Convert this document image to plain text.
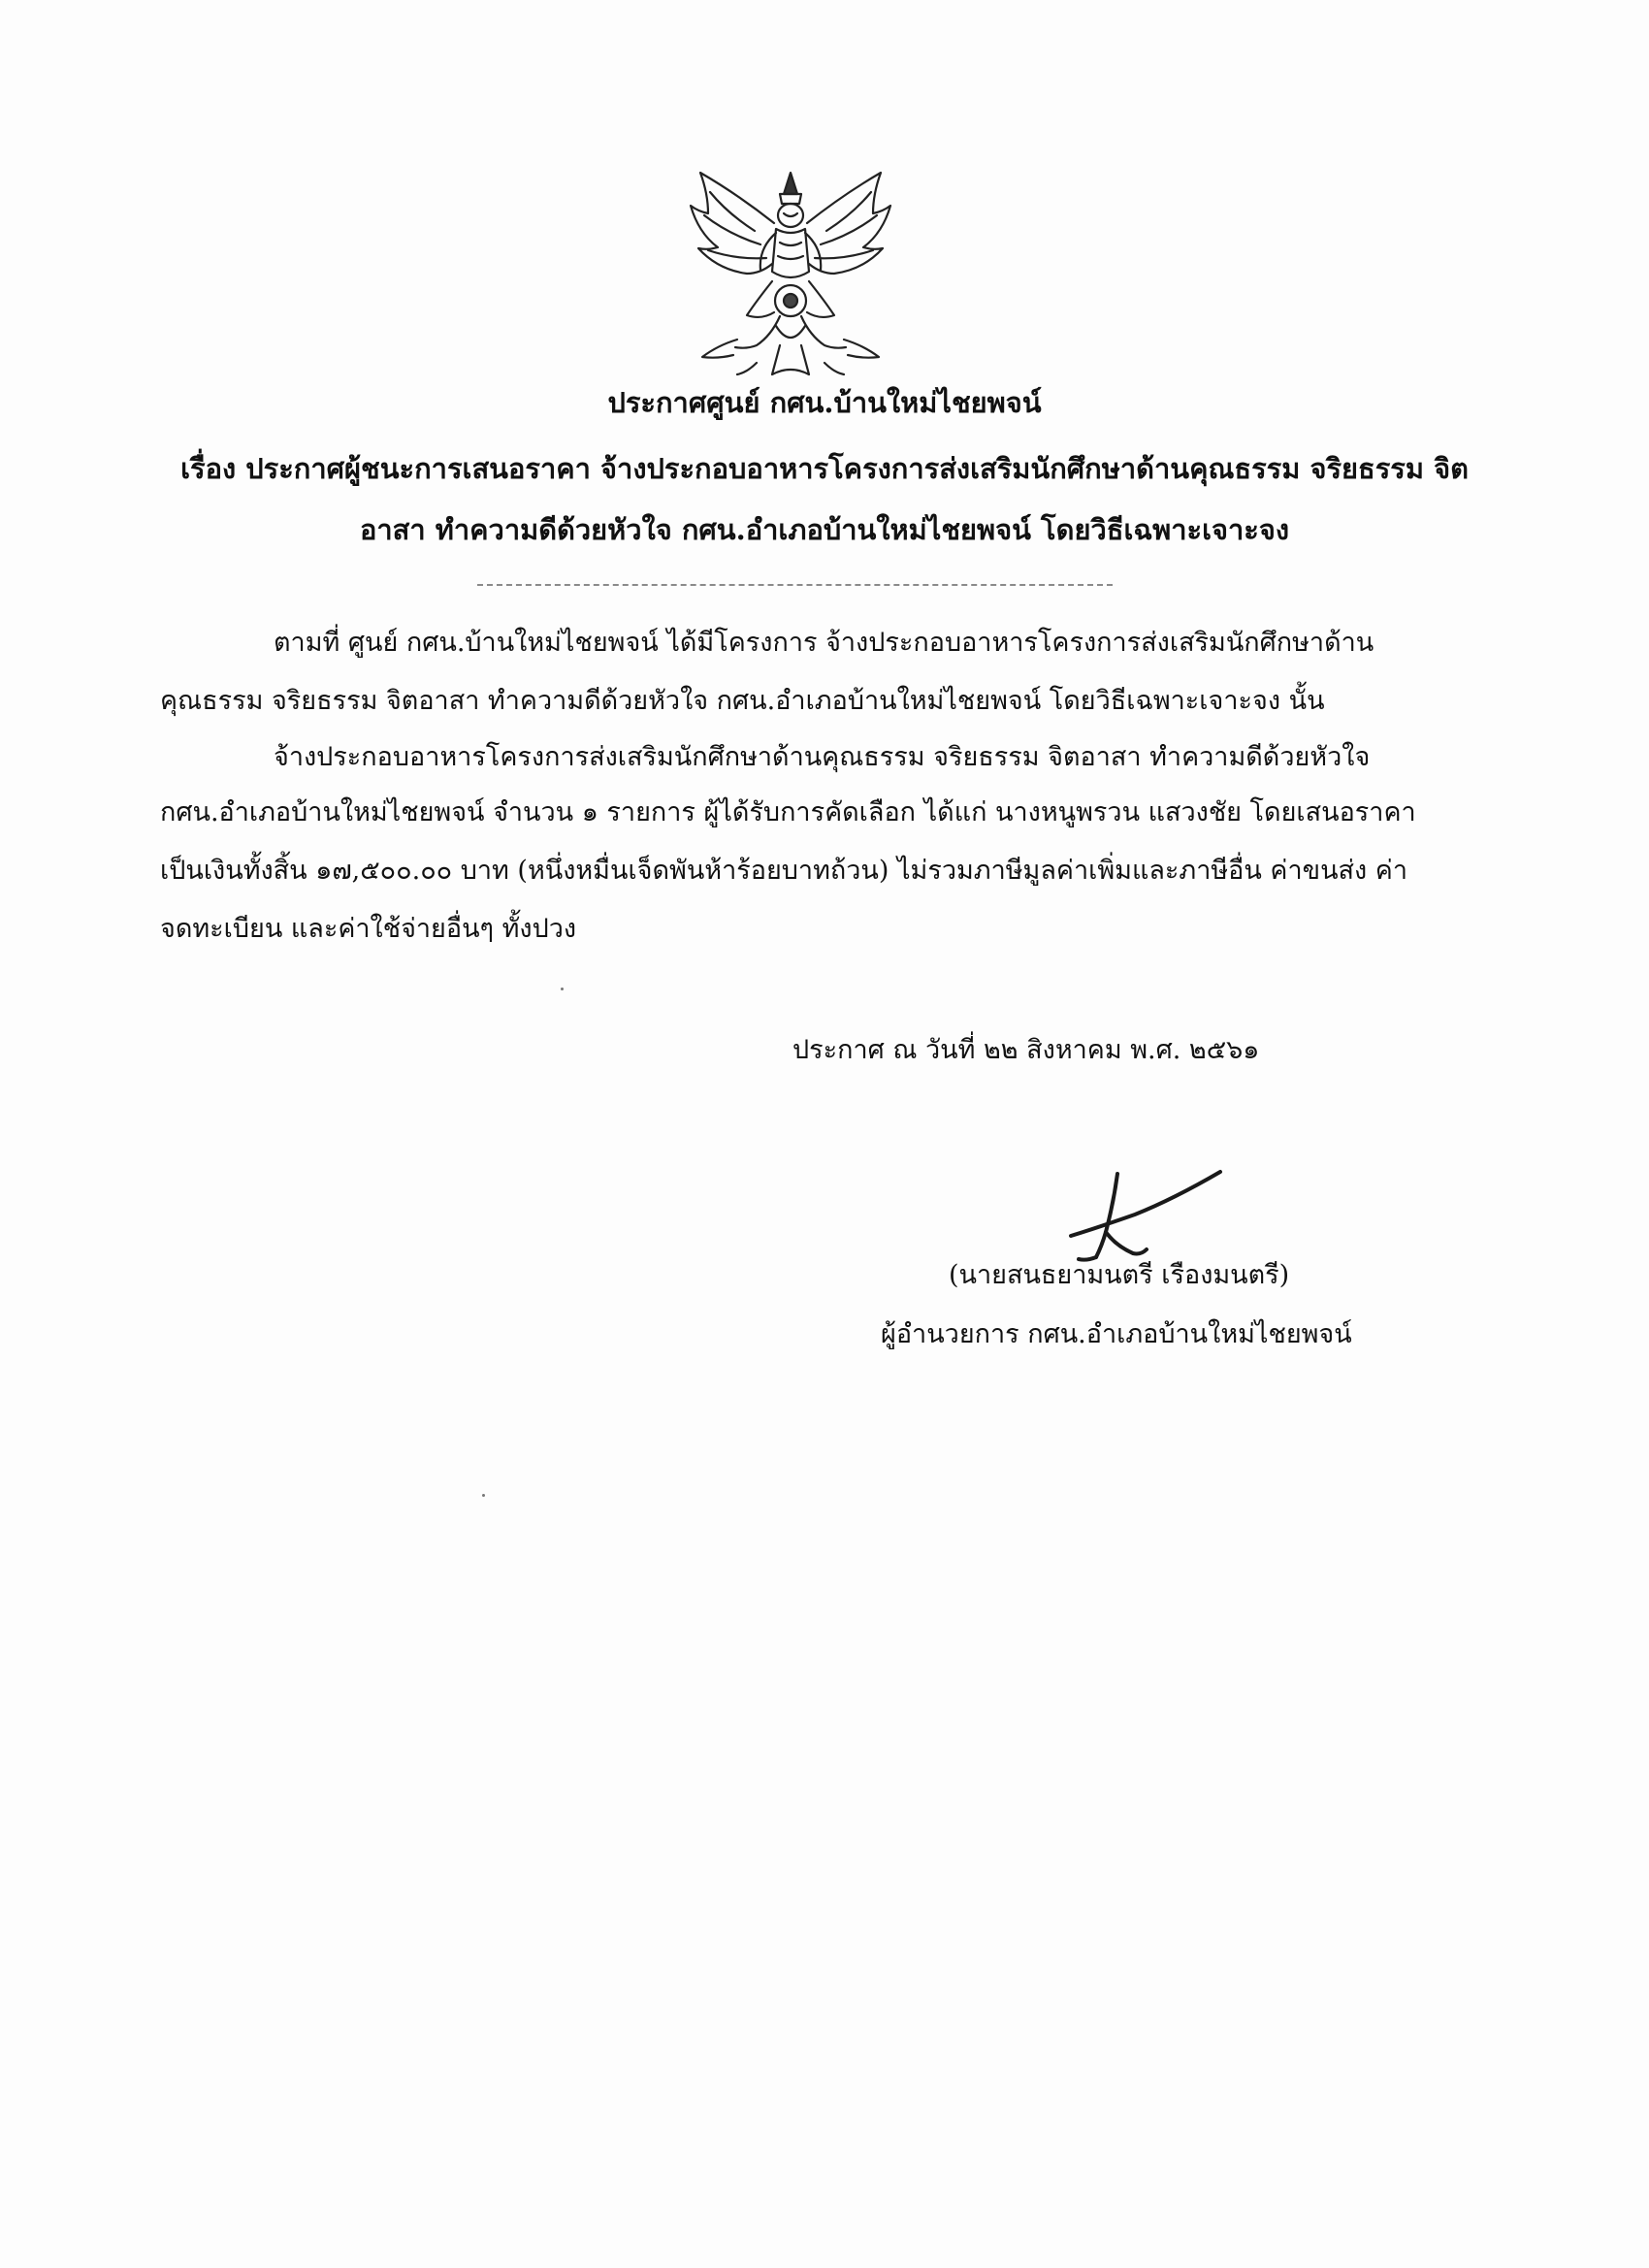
ประกาศศูนย์ กศน.บ้านใหม่ไชยพจน์
เรื่อง ประกาศผู้ชนะการเสนอราคา จ้างประกอบอาหารโครงการส่งเสริมนักศึกษาด้านคุณธรรม จริยธรรม จิต
อาสา ทำความดีด้วยหัวใจ กศน.อำเภอบ้านใหม่ไชยพจน์ โดยวิธีเฉพาะเจาะจง
ตามที่ ศูนย์ กศน.บ้านใหม่ไชยพจน์ ได้มีโครงการ จ้างประกอบอาหารโครงการส่งเสริมนักศึกษาด้าน
คุณธรรม จริยธรรม จิตอาสา ทำความดีด้วยหัวใจ กศน.อำเภอบ้านใหม่ไชยพจน์ โดยวิธีเฉพาะเจาะจง นั้น
จ้างประกอบอาหารโครงการส่งเสริมนักศึกษาด้านคุณธรรม จริยธรรม จิตอาสา ทำความดีด้วยหัวใจ
กศน.อำเภอบ้านใหม่ไชยพจน์ จำนวน ๑ รายการ ผู้ได้รับการคัดเลือก ได้แก่ นางหนูพรวน แสวงชัย โดยเสนอราคา
เป็นเงินทั้งสิ้น ๑๗,๕๐๐.๐๐ บาท (หนึ่งหมื่นเจ็ดพันห้าร้อยบาทถ้วน) ไม่รวมภาษีมูลค่าเพิ่มและภาษีอื่น ค่าขนส่ง ค่า
จดทะเบียน และค่าใช้จ่ายอื่นๆ ทั้งปวง
ประกาศ ณ วันที่ ๒๒ สิงหาคม พ.ศ. ๒๕๖๑
(นายสนธยามนตรี เรืองมนตรี)
ผู้อำนวยการ กศน.อำเภอบ้านใหม่ไชยพจน์
